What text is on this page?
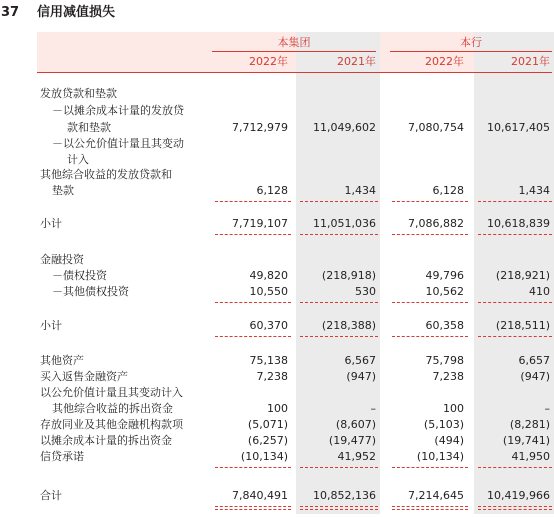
37 信用减值损失
本集团	本行
2022年	2021年	2022年	2021年
发放贷款和垫款
－以摊余成本计量的发放贷
款和垫款	7,712,979	11,049,602	7,080,754	10,617,405
－以公允价值计量且其变动
计入
其他综合收益的发放贷款和
垫款	6,128	1,434	6,128	1,434
小计	7,719,107	11,051,036	7,086,882	10,618,839
金融投资
－债权投资	49,820	(218,918)	49,796	(218,921)
－其他债权投资	10,550	530	10,562	410
小计	60,370	(218,388)	60,358	(218,511)
其他资产	75,138	6,567	75,798	6,657
买入返售金融资产	7,238	(947)	7,238	(947)
以公允价值计量且其变动计入
其他综合收益的拆出资金	100	–	100	–
存放同业及其他金融机构款项	(5,071)	(8,607)	(5,103)	(8,281)
以摊余成本计量的拆出资金	(6,257)	(19,477)	(494)	(19,741)
信贷承诺	(10,134)	41,952	(10,134)	41,950
合计	7,840,491	10,852,136	7,214,645	10,419,966
